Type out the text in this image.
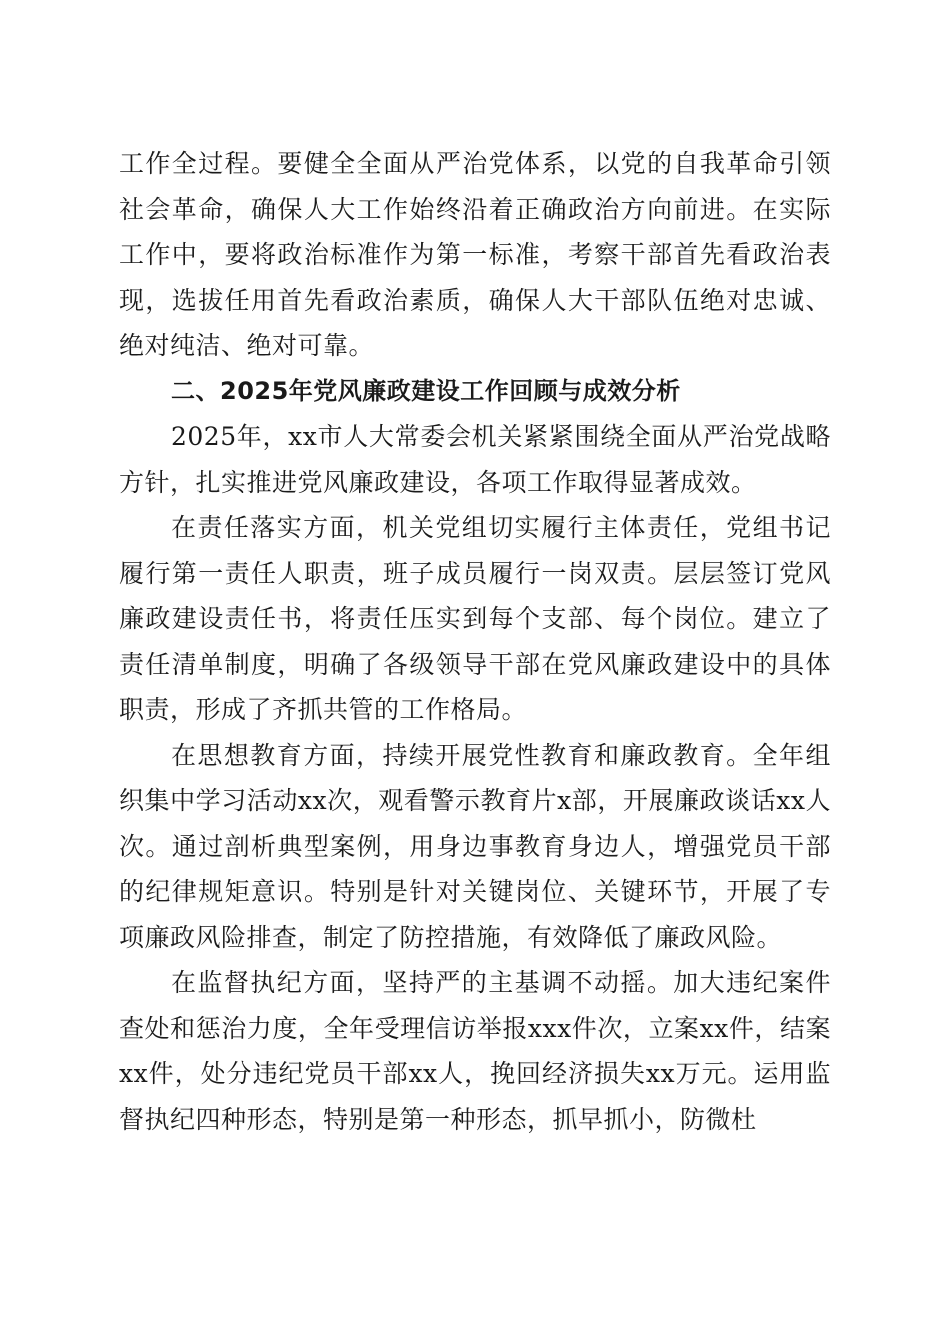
工作全过程。要健全全面从严治党体系，以党的自我革命引领社会革命，确保人大工作始终沿着正确政治方向前进。在实际工作中，要将政治标准作为第一标准，考察干部首先看政治表现，选拔任用首先看政治素质，确保人大干部队伍绝对忠诚、绝对纯洁、绝对可靠。

二、2025年党风廉政建设工作回顾与成效分析

2025年，xx市人大常委会机关紧紧围绕全面从严治党战略方针，扎实推进党风廉政建设，各项工作取得显著成效。

在责任落实方面，机关党组切实履行主体责任，党组书记履行第一责任人职责，班子成员履行一岗双责。层层签订党风廉政建设责任书，将责任压实到每个支部、每个岗位。建立了责任清单制度，明确了各级领导干部在党风廉政建设中的具体职责，形成了齐抓共管的工作格局。

在思想教育方面，持续开展党性教育和廉政教育。全年组织集中学习活动xx次，观看警示教育片x部，开展廉政谈话xx人次。通过剖析典型案例，用身边事教育身边人，增强党员干部的纪律规矩意识。特别是针对关键岗位、关键环节，开展了专项廉政风险排查，制定了防控措施，有效降低了廉政风险。

在监督执纪方面，坚持严的主基调不动摇。加大违纪案件查处和惩治力度，全年受理信访举报xxx件次，立案xx件，结案xx件，处分违纪党员干部xx人，挽回经济损失xx万元。运用监督执纪四种形态，特别是第一种形态，抓早抓小，防微杜
